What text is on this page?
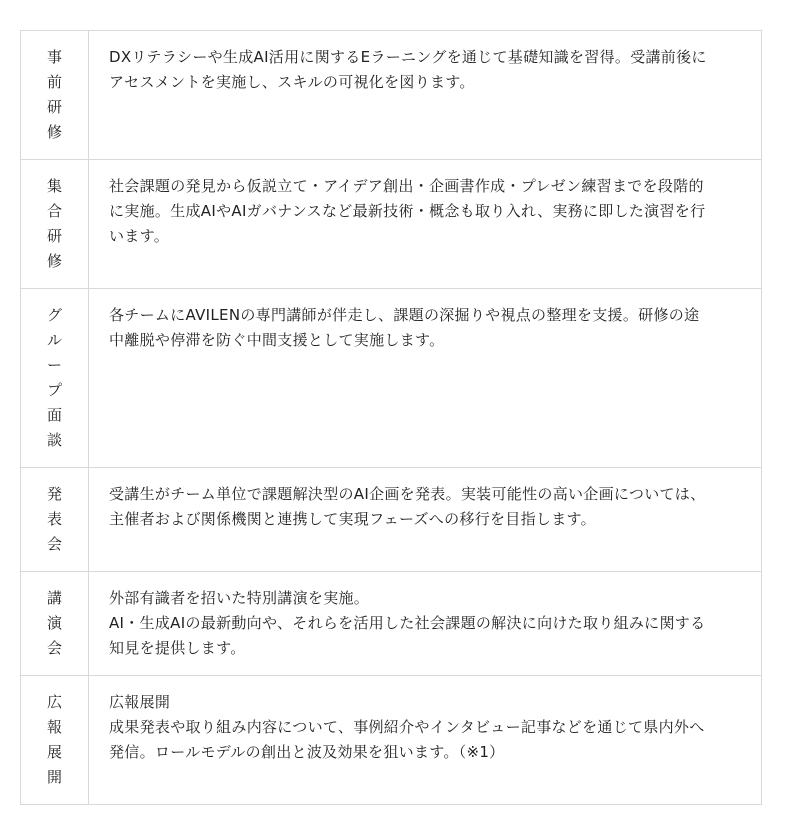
事
前
研
修
DXリテラシーや生成AI活用に関するEラーニングを通じて基礎知識を習得。受講前後に
アセスメントを実施し、スキルの可視化を図ります。
集
合
研
修
社会課題の発見から仮説立て・アイデア創出・企画書作成・プレゼン練習までを段階的
に実施。生成AIやAIガバナンスなど最新技術・概念も取り入れ、実務に即した演習を行
います。
グ
ル
ー
プ
面
談
各チームにAVILENの専門講師が伴走し、課題の深掘りや視点の整理を支援。研修の途
中離脱や停滞を防ぐ中間支援として実施します。
発
表
会
受講生がチーム単位で課題解決型のAI企画を発表。実装可能性の高い企画については、
主催者および関係機関と連携して実現フェーズへの移行を目指します。
講
演
会
外部有識者を招いた特別講演を実施。
AI・生成AIの最新動向や、それらを活用した社会課題の解決に向けた取り組みに関する
知見を提供します。
広
報
展
開
広報展開
成果発表や取り組み内容について、事例紹介やインタビュー記事などを通じて県内外へ
発信。ロールモデルの創出と波及効果を狙います。（※1）
